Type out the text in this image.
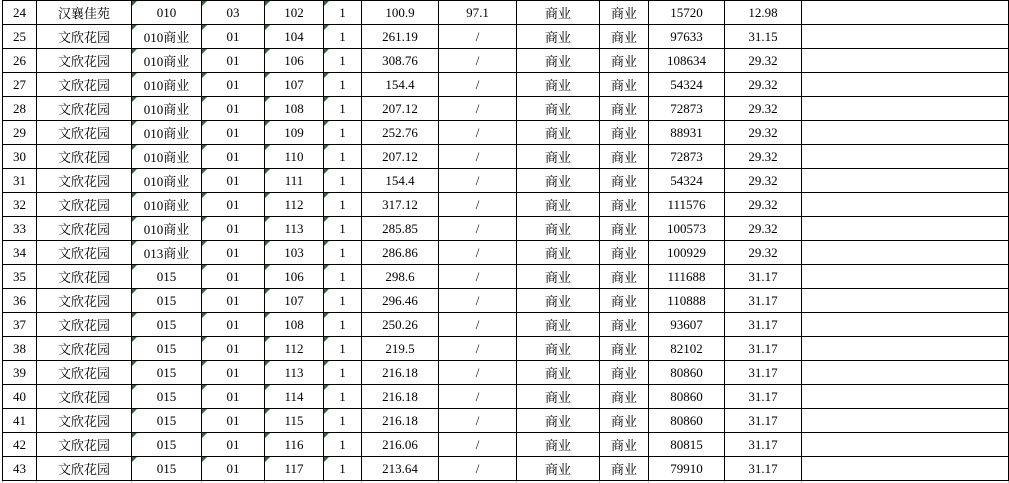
24	汉襄佳苑	010	03	102	1	100.9	97.1	商业	商业	15720	12.98	
25	文欣花园	010商业	01	104	1	261.19	/	商业	商业	97633	31.15	
26	文欣花园	010商业	01	106	1	308.76	/	商业	商业	108634	29.32	
27	文欣花园	010商业	01	107	1	154.4	/	商业	商业	54324	29.32	
28	文欣花园	010商业	01	108	1	207.12	/	商业	商业	72873	29.32	
29	文欣花园	010商业	01	109	1	252.76	/	商业	商业	88931	29.32	
30	文欣花园	010商业	01	110	1	207.12	/	商业	商业	72873	29.32	
31	文欣花园	010商业	01	111	1	154.4	/	商业	商业	54324	29.32	
32	文欣花园	010商业	01	112	1	317.12	/	商业	商业	111576	29.32	
33	文欣花园	010商业	01	113	1	285.85	/	商业	商业	100573	29.32	
34	文欣花园	013商业	01	103	1	286.86	/	商业	商业	100929	29.32	
35	文欣花园	015	01	106	1	298.6	/	商业	商业	111688	31.17	
36	文欣花园	015	01	107	1	296.46	/	商业	商业	110888	31.17	
37	文欣花园	015	01	108	1	250.26	/	商业	商业	93607	31.17	
38	文欣花园	015	01	112	1	219.5	/	商业	商业	82102	31.17	
39	文欣花园	015	01	113	1	216.18	/	商业	商业	80860	31.17	
40	文欣花园	015	01	114	1	216.18	/	商业	商业	80860	31.17	
41	文欣花园	015	01	115	1	216.18	/	商业	商业	80860	31.17	
42	文欣花园	015	01	116	1	216.06	/	商业	商业	80815	31.17	
43	文欣花园	015	01	117	1	213.64	/	商业	商业	79910	31.17	
